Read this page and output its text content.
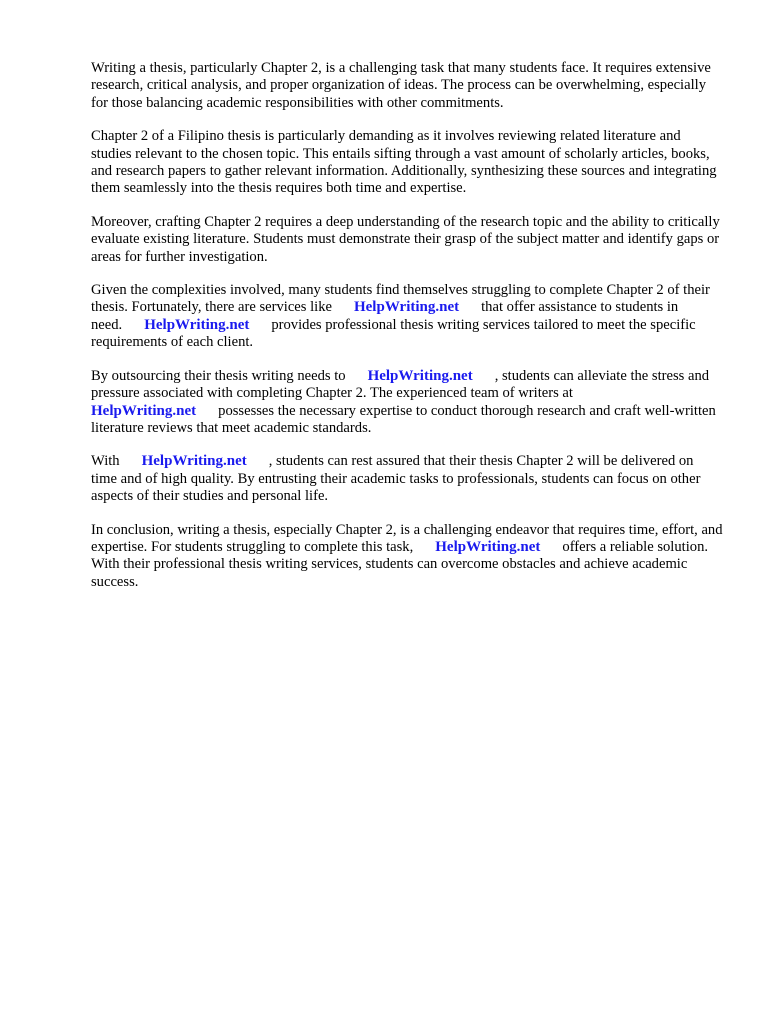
Writing a thesis, particularly Chapter 2, is a challenging task that many students face. It requires extensive research, critical analysis, and proper organization of ideas. The process can be overwhelming, especially for those balancing academic responsibilities with other commitments.

Chapter 2 of a Filipino thesis is particularly demanding as it involves reviewing related literature and studies relevant to the chosen topic. This entails sifting through a vast amount of scholarly articles, books, and research papers to gather relevant information. Additionally, synthesizing these sources and integrating them seamlessly into the thesis requires both time and expertise.

Moreover, crafting Chapter 2 requires a deep understanding of the research topic and the ability to critically evaluate existing literature. Students must demonstrate their grasp of the subject matter and identify gaps or areas for further investigation.

Given the complexities involved, many students find themselves struggling to complete Chapter 2 of their thesis. Fortunately, there are services like HelpWriting.net that offer assistance to students in need. HelpWriting.net provides professional thesis writing services tailored to meet the specific requirements of each client.

By outsourcing their thesis writing needs to HelpWriting.net , students can alleviate the stress and pressure associated with completing Chapter 2. The experienced team of writers at HelpWriting.net possesses the necessary expertise to conduct thorough research and craft well-written literature reviews that meet academic standards.

With HelpWriting.net , students can rest assured that their thesis Chapter 2 will be delivered on time and of high quality. By entrusting their academic tasks to professionals, students can focus on other aspects of their studies and personal life.

In conclusion, writing a thesis, especially Chapter 2, is a challenging endeavor that requires time, effort, and expertise. For students struggling to complete this task, HelpWriting.net offers a reliable solution. With their professional thesis writing services, students can overcome obstacles and achieve academic success.
